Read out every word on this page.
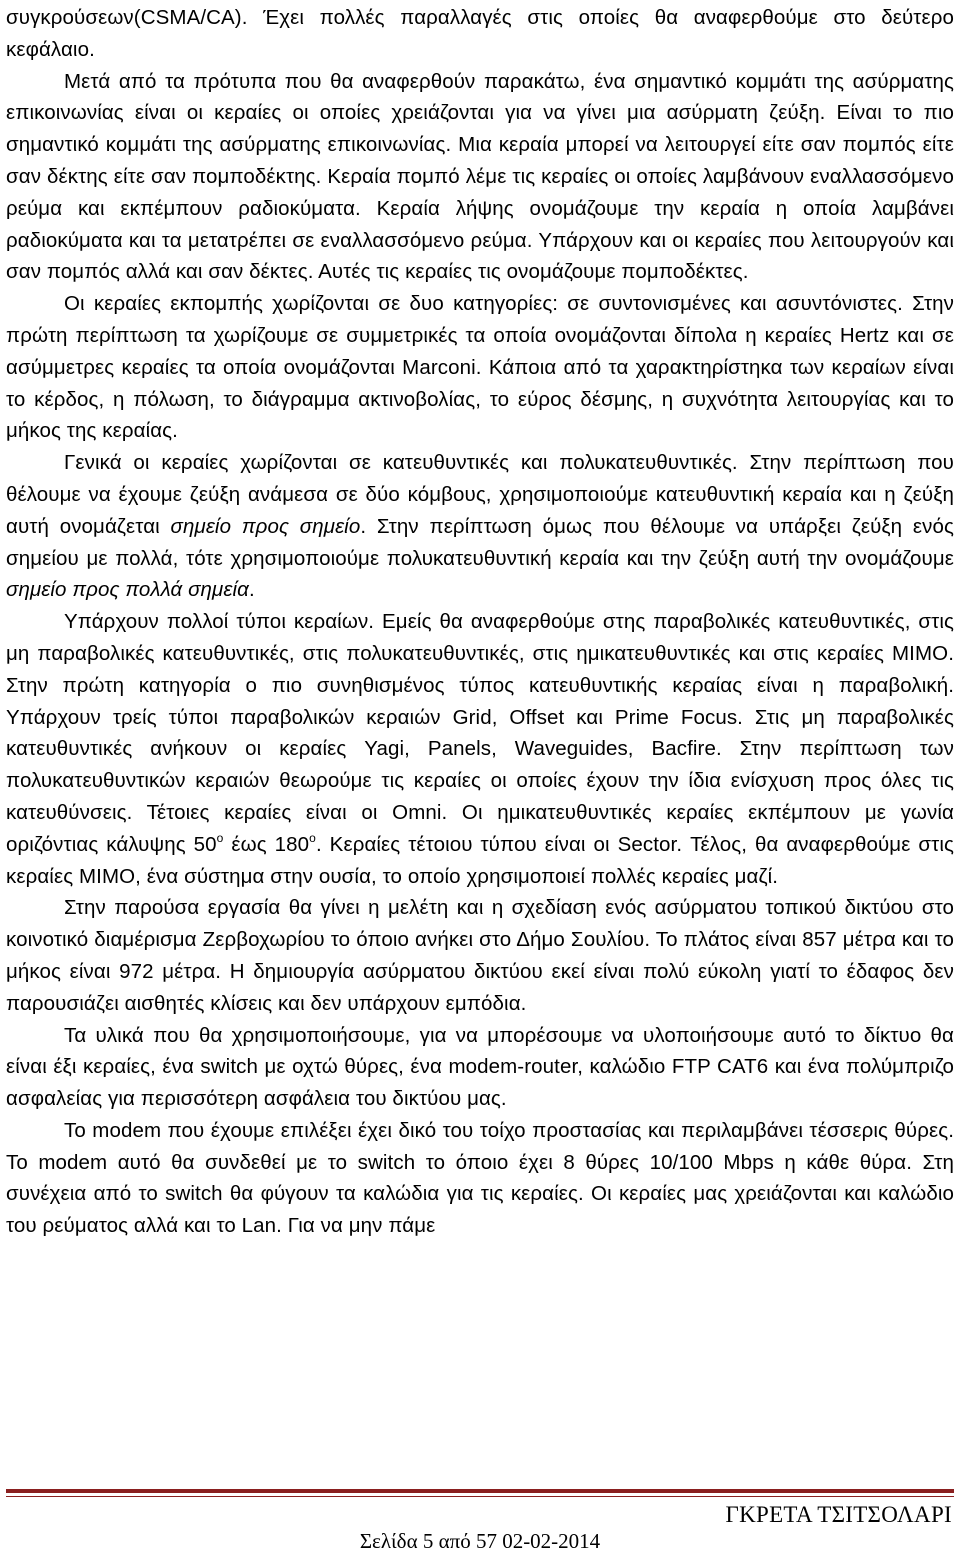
συγκρούσεων(CSMA/CA). Έχει πολλές παραλλαγές στις οποίες θα αναφερθούμε στο δεύτερο κεφάλαιο.

Μετά από τα πρότυπα που θα αναφερθούν παρακάτω, ένα σημαντικό κομμάτι της ασύρματης επικοινωνίας είναι οι κεραίες οι οποίες χρειάζονται για να γίνει μια ασύρματη ζεύξη. Είναι το πιο σημαντικό κομμάτι της ασύρματης επικοινωνίας. Μια κεραία μπορεί να λειτουργεί είτε σαν πομπός είτε σαν δέκτης είτε σαν πομποδέκτης. Κεραία πομπό λέμε τις κεραίες οι οποίες λαμβάνουν εναλλασσόμενο ρεύμα και εκπέμπουν ραδιοκύματα. Κεραία λήψης ονομάζουμε την κεραία η οποία λαμβάνει ραδιοκύματα και τα μετατρέπει σε εναλλασσόμενο ρεύμα. Υπάρχουν και οι κεραίες που λειτουργούν και σαν πομπός αλλά και σαν δέκτες. Αυτές τις κεραίες τις ονομάζουμε πομποδέκτες.

Οι κεραίες εκπομπής χωρίζονται σε δυο κατηγορίες: σε συντονισμένες και ασυντόνιστες. Στην πρώτη περίπτωση τα χωρίζουμε σε συμμετρικές τα οποία ονομάζονται δίπολα η κεραίες Hertz και σε ασύμμετρες κεραίες τα οποία ονομάζονται Marconi. Κάποια από τα χαρακτηρίστηκα των κεραίων είναι το κέρδος, η πόλωση, το διάγραμμα ακτινοβολίας, το εύρος δέσμης, η συχνότητα λειτουργίας και το μήκος της κεραίας.

Γενικά οι κεραίες χωρίζονται σε κατευθυντικές και πολυκατευθυντικές. Στην περίπτωση που θέλουμε να έχουμε ζεύξη ανάμεσα σε δύο κόμβους, χρησιμοποιούμε κατευθυντική κεραία και η ζεύξη αυτή ονομάζεται σημείο προς σημείο. Στην περίπτωση όμως που θέλουμε να υπάρξει ζεύξη ενός σημείου με πολλά, τότε χρησιμοποιούμε πολυκατευθυντική κεραία και την ζεύξη αυτή την ονομάζουμε σημείο προς πολλά σημεία.

Υπάρχουν πολλοί τύποι κεραίων. Εμείς θα αναφερθούμε στης παραβολικές κατευθυντικές, στις μη παραβολικές κατευθυντικές, στις πολυκατευθυντικές, στις ημικατευθυντικές και στις κεραίες MIMO. Στην πρώτη κατηγορία ο πιο συνηθισμένος τύπος κατευθυντικής κεραίας είναι η παραβολική. Υπάρχουν τρείς τύποι παραβολικών κεραιών Grid, Offset και Prime Focus. Στις μη παραβολικές κατευθυντικές ανήκουν οι κεραίες Yagi, Panels, Waveguides, Bacfire. Στην περίπτωση των πολυκατευθυντικών κεραιών θεωρούμε τις κεραίες οι οποίες έχουν την ίδια ενίσχυση προς όλες τις κατευθύνσεις. Τέτοιες κεραίες είναι οι Omni. Οι ημικατευθυντικές κεραίες εκπέμπουν με γωνία οριζόντιας κάλυψης $50^o$ έως $180^o$. Κεραίες τέτοιου τύπου είναι οι Sector. Τέλος, θα αναφερθούμε στις κεραίες MIMO, ένα σύστημα στην ουσία, το οποίο χρησιμοποιεί πολλές κεραίες μαζί.

Στην παρούσα εργασία θα γίνει η μελέτη και η σχεδίαση ενός ασύρματου τοπικού δικτύου στο κοινοτικό διαμέρισμα Ζερβοχωρίου το όποιο ανήκει στο Δήμο Σουλίου. Το πλάτος είναι 857 μέτρα και το μήκος είναι 972 μέτρα. Η δημιουργία ασύρματου δικτύου εκεί είναι πολύ εύκολη γιατί το έδαφος δεν παρουσιάζει αισθητές κλίσεις και δεν υπάρχουν εμπόδια.

Τα υλικά που θα χρησιμοποιήσουμε, για να μπορέσουμε να υλοποιήσουμε αυτό το δίκτυο θα είναι έξι κεραίες, ένα switch με οχτώ θύρες, ένα modem-router, καλώδιο FTP CAT6 και ένα πολύμπριζο ασφαλείας για περισσότερη ασφάλεια του δικτύου μας.

Το modem που έχουμε επιλέξει έχει δικό του τοίχο προστασίας και περιλαμβάνει τέσσερις θύρες. Το modem αυτό θα συνδεθεί με το switch το όποιο έχει 8 θύρες 10/100 Mbps η κάθε θύρα. Στη συνέχεια από το switch θα φύγουν τα καλώδια για τις κεραίες. Οι κεραίες μας χρειάζονται και καλώδιο του ρεύματος αλλά και το Lan. Για να μην πάμε

ΓΚΡΕΤΑ ΤΣΙΤΣΟΛΑΡΙ
Σελίδα 5 από 57 02-02-2014
